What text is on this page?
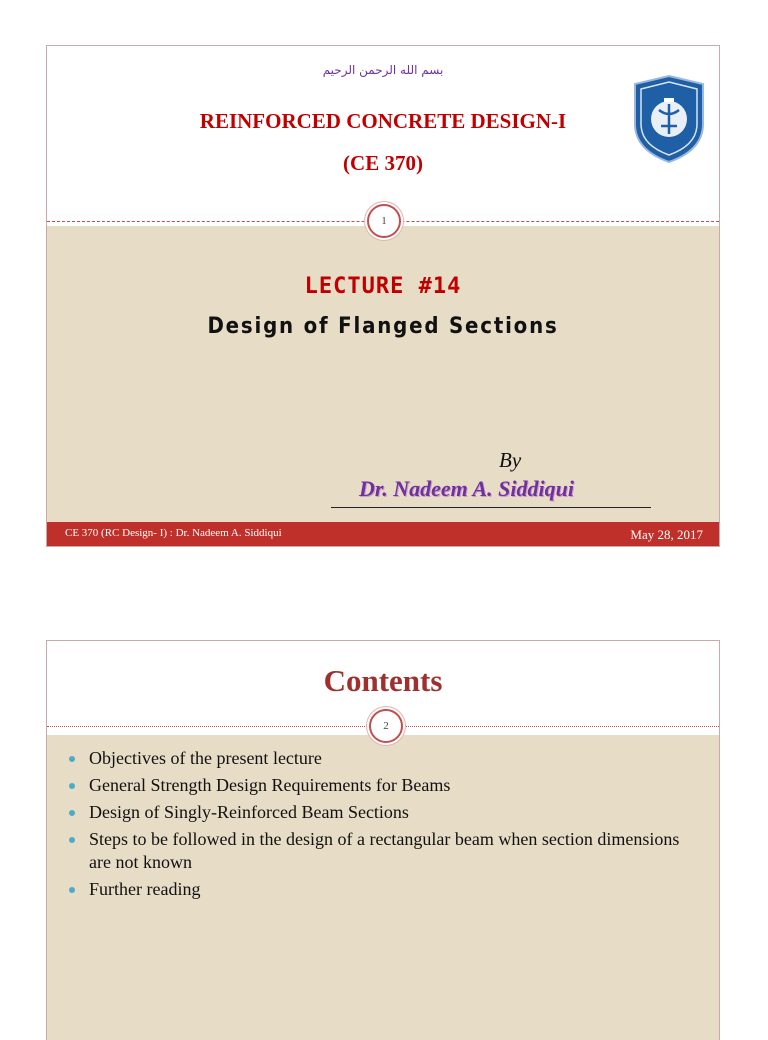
بسم الله الرحمن الرحيم
REINFORCED CONCRETE DESIGN-I
(CE 370)
1
LECTURE #14
Design of Flanged Sections
By
Dr. Nadeem A. Siddiqui
CE 370 (RC Design- I) : Dr. Nadeem A. Siddiqui	May 28, 2017
Contents
2
Objectives of the present lecture
General Strength Design Requirements for Beams
Design of Singly-Reinforced Beam Sections
Steps to be followed in the design of a rectangular beam when section dimensions are not known
Further reading
